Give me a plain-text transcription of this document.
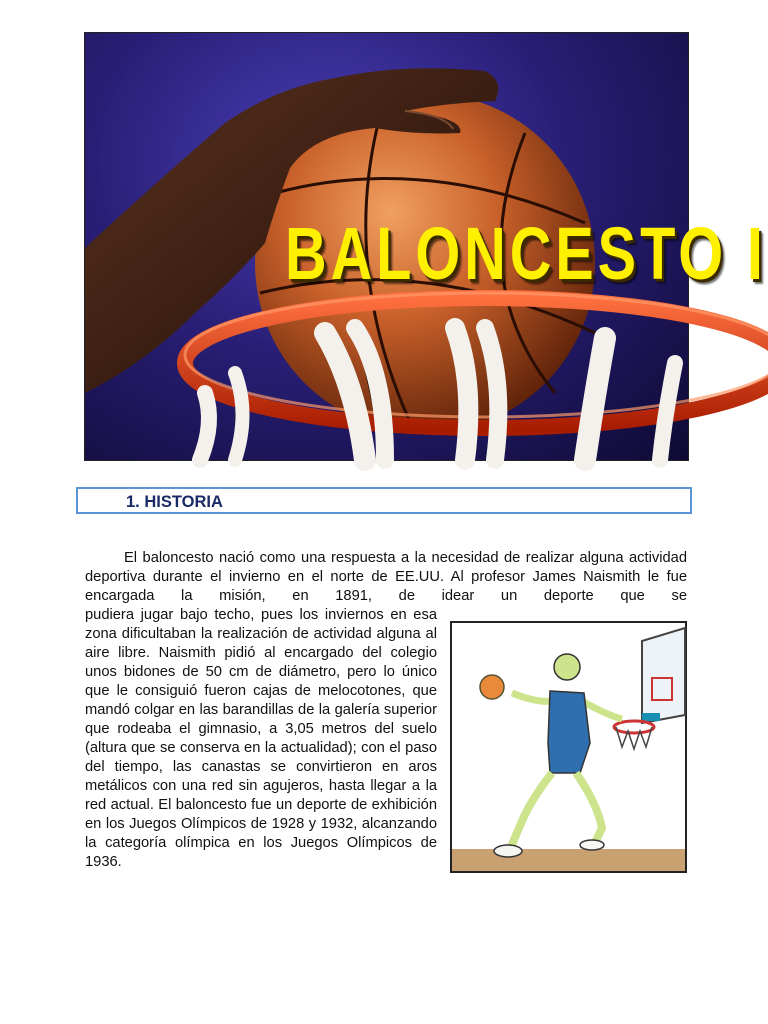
BALONCESTO I
1. HISTORIA

El baloncesto nació como una respuesta a la necesidad de realizar alguna actividad deportiva durante el invierno en el norte de EE.UU. Al profesor James Naismith le fue encargada la misión, en 1891, de idear un deporte que se

pudiera jugar bajo techo, pues los inviernos en esa zona dificultaban la realización de actividad alguna al aire libre. Naismith pidió al encargado del colegio unos bidones de 50 cm de diámetro, pero lo único que le consiguió fueron cajas de melocotones, que mandó colgar en las barandillas de la galería superior que rodeaba el gimnasio, a 3,05 metros del suelo (altura que se conserva en la actualidad); con el paso del tiempo, las canastas se convirtieron en aros metálicos con una red sin agujeros, hasta llegar a la red actual. El baloncesto fue un deporte de exhibición en los Juegos Olímpicos de 1928 y 1932, alcanzando la categoría olímpica en los Juegos Olímpicos de 1936.
